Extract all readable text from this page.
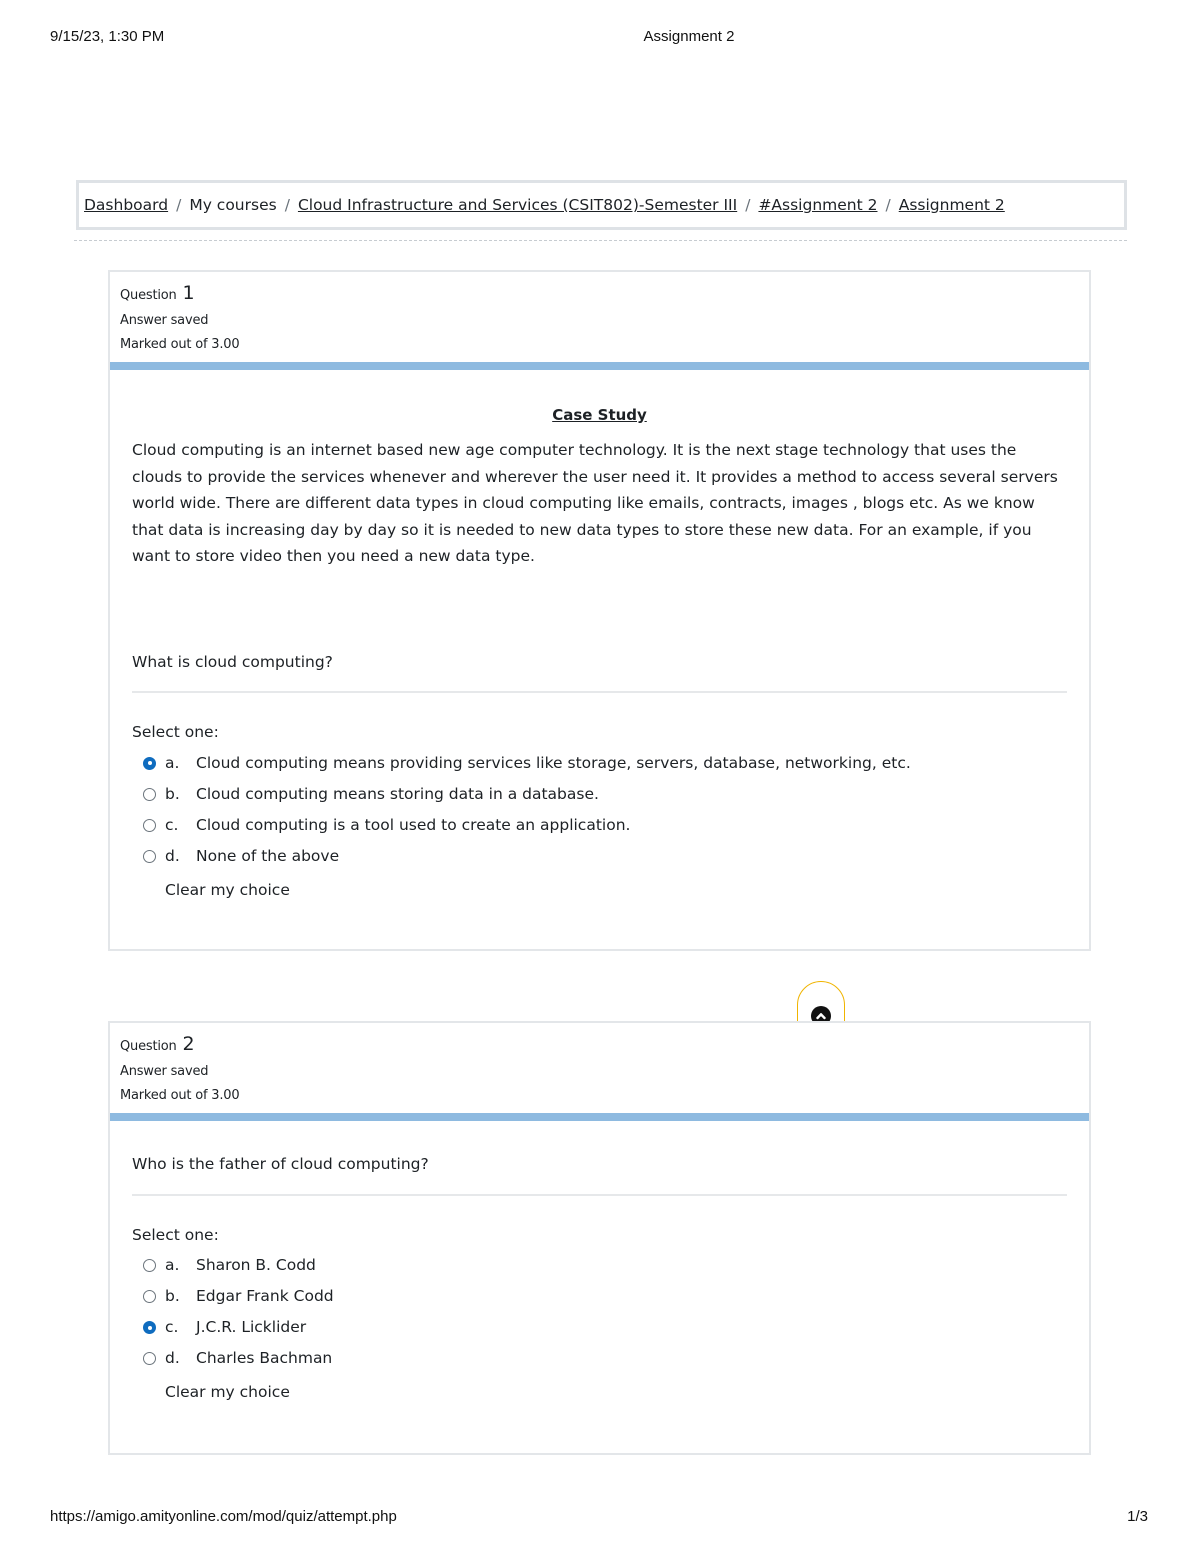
9/15/23, 1:30 PM	Assignment 2
Dashboard / My courses / Cloud Infrastructure and Services (CSIT802)-Semester III / #Assignment 2 / Assignment 2
Question 1
Answer saved
Marked out of 3.00
Case Study
Cloud computing is an internet based new age computer technology. It is the next stage technology that uses the clouds to provide the services whenever and wherever the user need it. It provides a method to access several servers world wide. There are different data types in cloud computing like emails, contracts, images , blogs etc. As we know that data is increasing day by day so it is needed to new data types to store these new data. For an example, if you want to store video then you need a new data type.
What is cloud computing?
Select one:
a.	Cloud computing means providing services like storage, servers, database, networking, etc.
b.	Cloud computing means storing data in a database.
c.	Cloud computing is a tool used to create an application.
d.	None of the above
Clear my choice
Question 2
Answer saved
Marked out of 3.00
Who is the father of cloud computing?
Select one:
a.	Sharon B. Codd
b.	Edgar Frank Codd
c.	J.C.R. Licklider
d.	Charles Bachman
Clear my choice
https://amigo.amityonline.com/mod/quiz/attempt.php	1/3
